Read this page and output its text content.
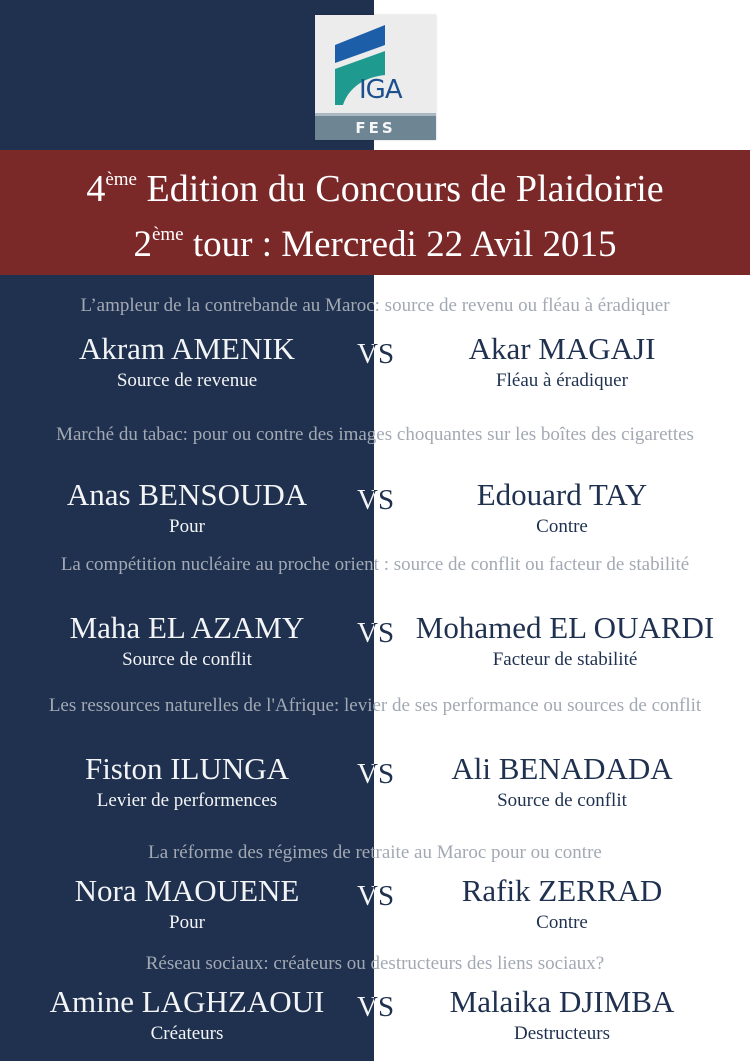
IGA
FES
4ème Edition du Concours de Plaidoirie
2ème tour : Mercredi 22 Avil 2015
L’ampleur de la contrebande au Maroc: source de revenu ou fléau à éradiquer
Akram AMENIK
Source de revenue
VS	Akar MAGAJI
Fléau à éradiquer
Marché du tabac: pour ou contre des images choquantes sur les boîtes des cigarettes
Anas BENSOUDA
Pour
VS	Edouard TAY
Contre
La compétition nucléaire au proche orient : source de conflit ou facteur de stabilité
Maha EL AZAMY
Source de conflit
VS Mohamed EL OUARDI
Facteur de stabilité
Les ressources naturelles de l'Afrique: levier de ses performance ou sources de conflit
Fiston ILUNGA
Levier de performences
VS	Ali BENADADA
Source de conflit
La réforme des régimes de retraite au Maroc pour ou contre
Nora MAOUENE
Pour
VS	Rafik ZERRAD
Contre
Réseau sociaux: créateurs ou destructeurs des liens sociaux?
Amine LAGHZAOUI
Créateurs
VS	Malaika DJIMBA
Destructeurs
